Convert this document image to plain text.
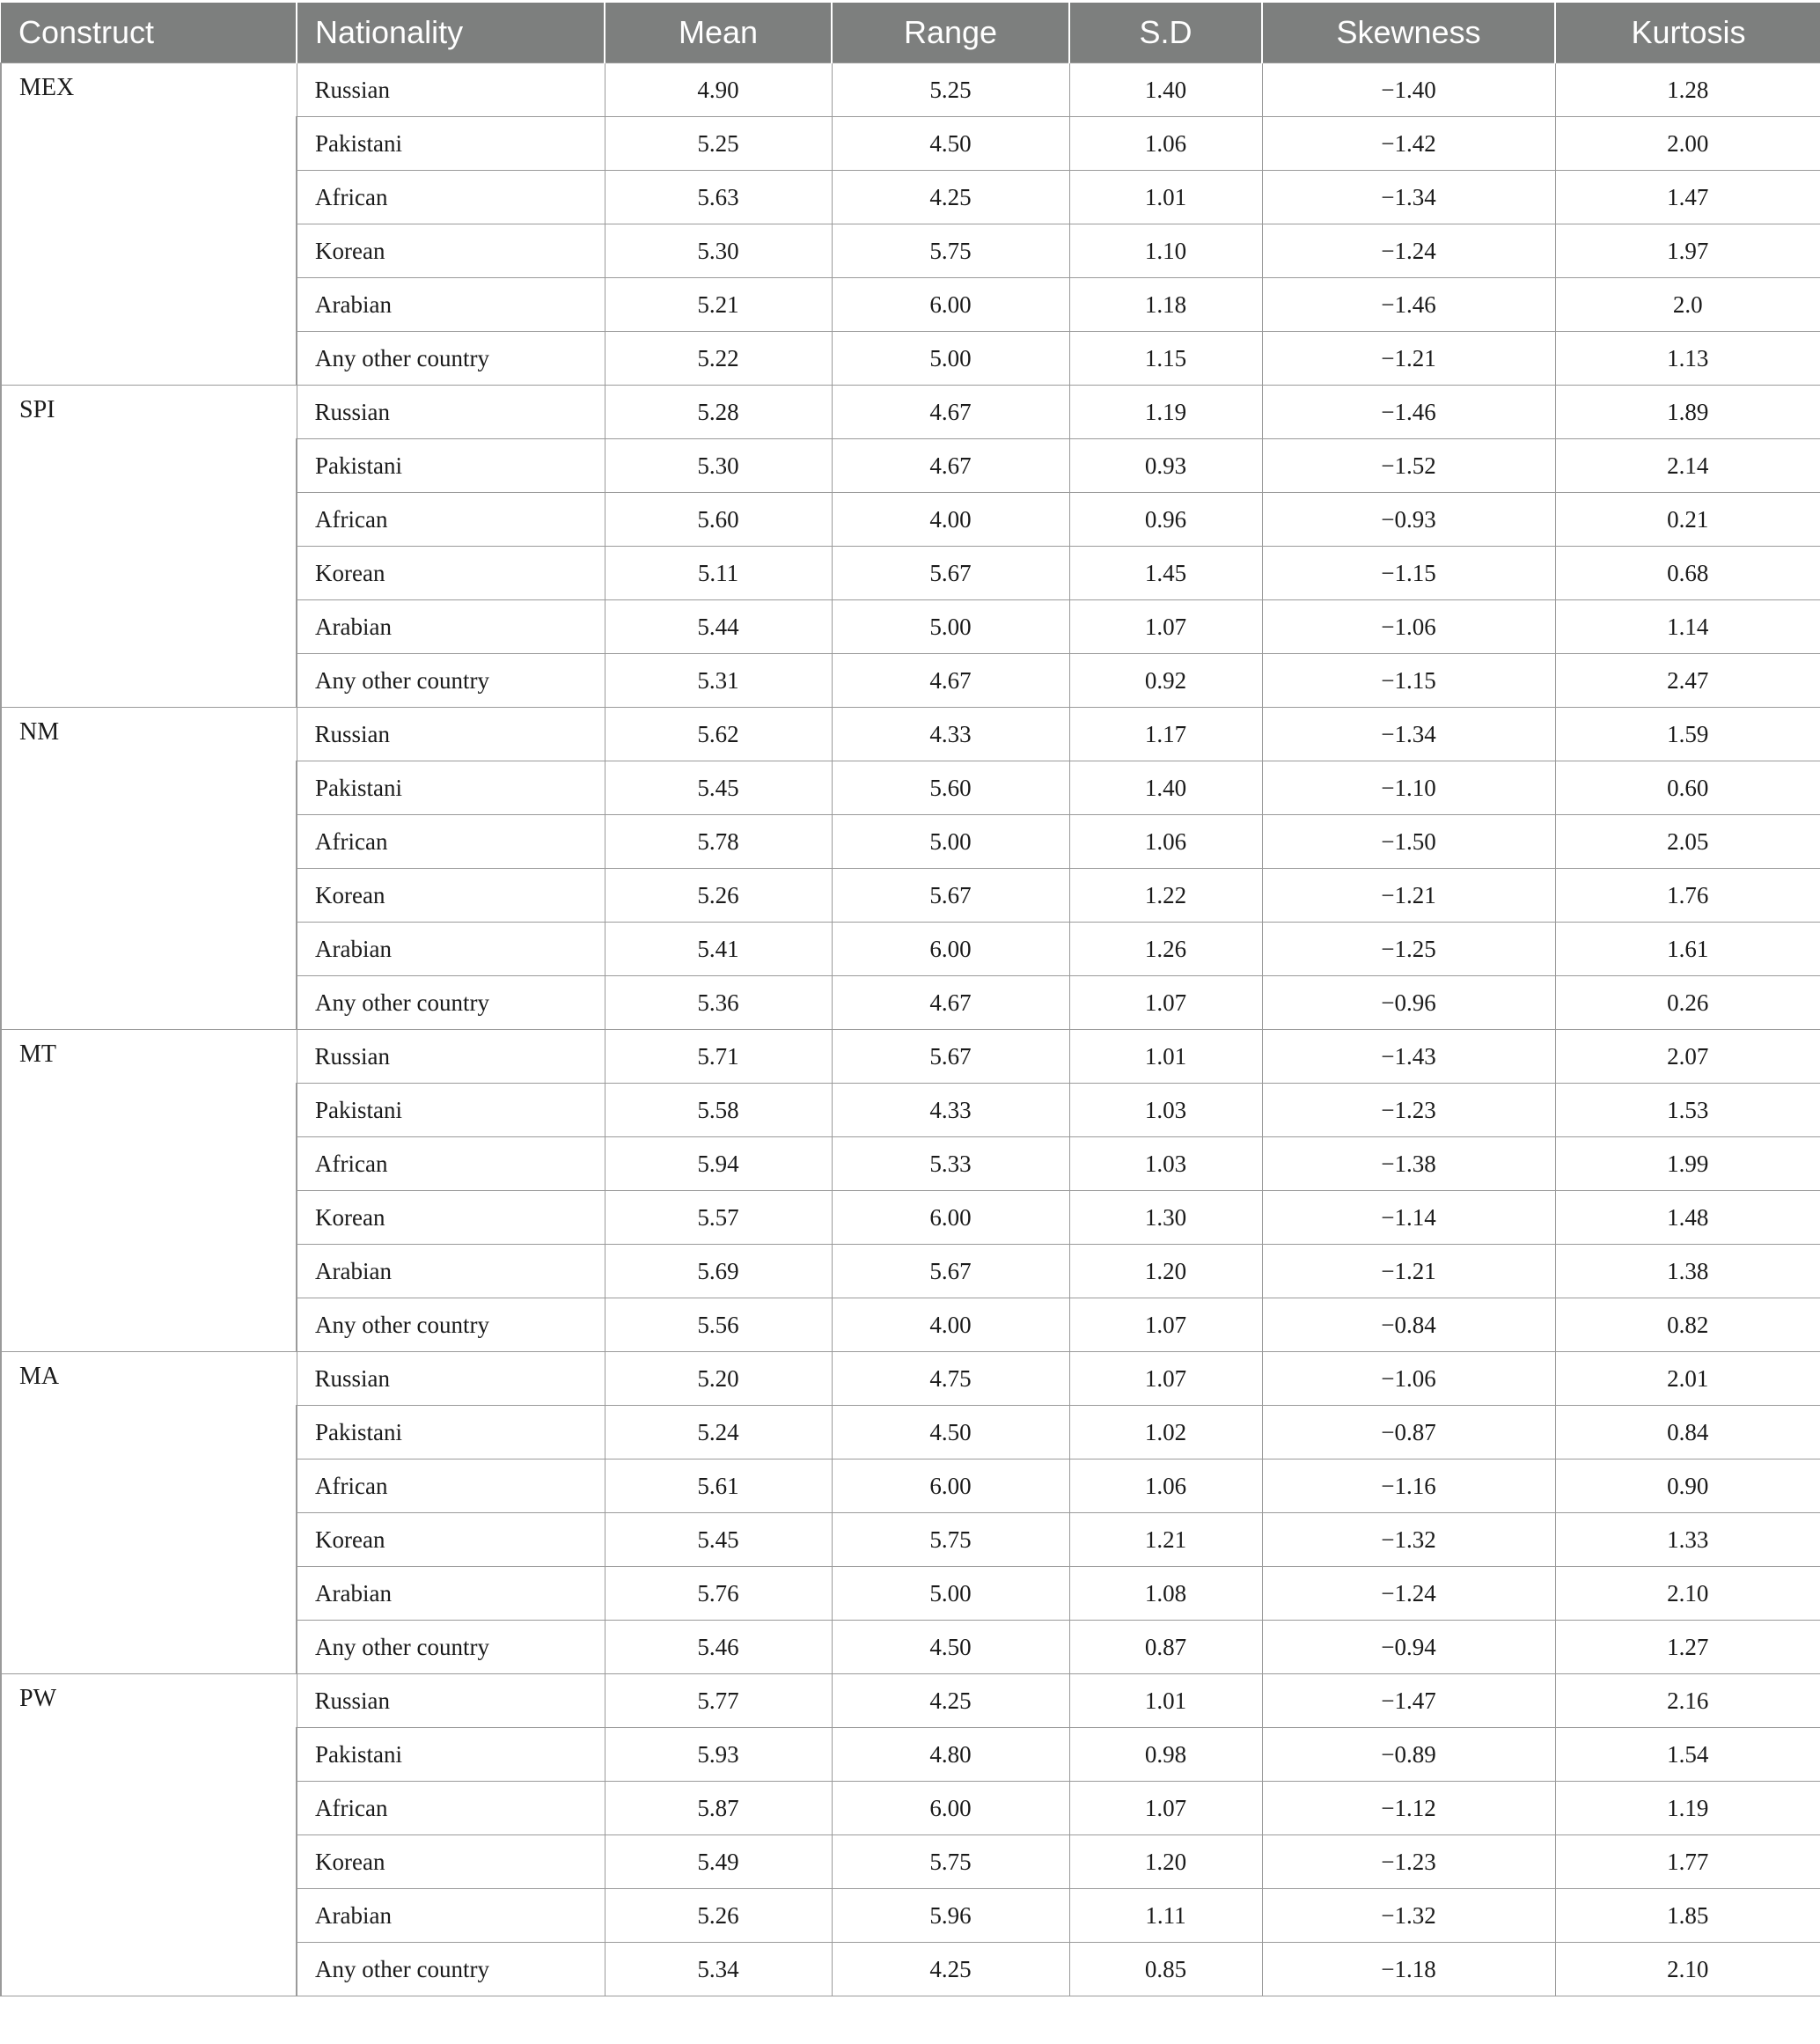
Construct	Nationality	Mean	Range	S.D	Skewness	Kurtosis
MEX	Russian	4.90	5.25	1.40	−1.40	1.28
	Pakistani	5.25	4.50	1.06	−1.42	2.00
	African	5.63	4.25	1.01	−1.34	1.47
	Korean	5.30	5.75	1.10	−1.24	1.97
	Arabian	5.21	6.00	1.18	−1.46	2.0
	Any other country	5.22	5.00	1.15	−1.21	1.13
SPI	Russian	5.28	4.67	1.19	−1.46	1.89
	Pakistani	5.30	4.67	0.93	−1.52	2.14
	African	5.60	4.00	0.96	−0.93	0.21
	Korean	5.11	5.67	1.45	−1.15	0.68
	Arabian	5.44	5.00	1.07	−1.06	1.14
	Any other country	5.31	4.67	0.92	−1.15	2.47
NM	Russian	5.62	4.33	1.17	−1.34	1.59
	Pakistani	5.45	5.60	1.40	−1.10	0.60
	African	5.78	5.00	1.06	−1.50	2.05
	Korean	5.26	5.67	1.22	−1.21	1.76
	Arabian	5.41	6.00	1.26	−1.25	1.61
	Any other country	5.36	4.67	1.07	−0.96	0.26
MT	Russian	5.71	5.67	1.01	−1.43	2.07
	Pakistani	5.58	4.33	1.03	−1.23	1.53
	African	5.94	5.33	1.03	−1.38	1.99
	Korean	5.57	6.00	1.30	−1.14	1.48
	Arabian	5.69	5.67	1.20	−1.21	1.38
	Any other country	5.56	4.00	1.07	−0.84	0.82
MA	Russian	5.20	4.75	1.07	−1.06	2.01
	Pakistani	5.24	4.50	1.02	−0.87	0.84
	African	5.61	6.00	1.06	−1.16	0.90
	Korean	5.45	5.75	1.21	−1.32	1.33
	Arabian	5.76	5.00	1.08	−1.24	2.10
	Any other country	5.46	4.50	0.87	−0.94	1.27
PW	Russian	5.77	4.25	1.01	−1.47	2.16
	Pakistani	5.93	4.80	0.98	−0.89	1.54
	African	5.87	6.00	1.07	−1.12	1.19
	Korean	5.49	5.75	1.20	−1.23	1.77
	Arabian	5.26	5.96	1.11	−1.32	1.85
	Any other country	5.34	4.25	0.85	−1.18	2.10
